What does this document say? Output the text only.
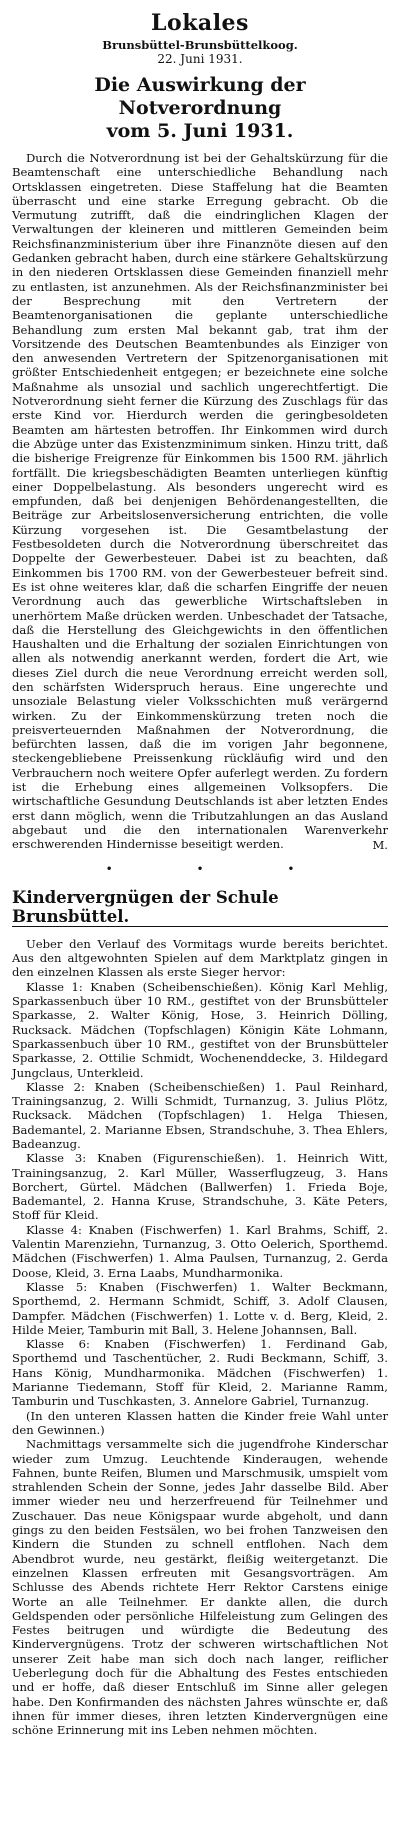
Lokales
Brunsbüttel-Brunsbüttelkoog.
22. Juni 1931.
Die Auswirkung der Notverordnung
vom 5. Juni 1931.

Durch die Notverordnung ist bei der Gehaltskürzung für die Beamtenschaft eine unterschiedliche Behandlung nach Ortsklassen eingetreten. Diese Staffelung hat die Beamten überrascht und eine starke Erregung gebracht. Ob die Vermutung zutrifft, daß die eindringlichen Klagen der Verwaltungen der kleineren und mittleren Gemeinden beim Reichsfinanzministerium über ihre Finanznöte diesen auf den Gedanken gebracht haben, durch eine stärkere Gehaltskürzung in den niederen Ortsklassen diese Gemeinden finanziell mehr zu entlasten, ist anzunehmen. Als der Reichsfinanzminister bei der Besprechung mit den Vertretern der Beamtenorganisationen die geplante unterschiedliche Behandlung zum ersten Mal bekannt gab, trat ihm der Vorsitzende des Deutschen Beamtenbundes als Einziger von den anwesenden Vertretern der Spitzenorganisationen mit größter Entschiedenheit entgegen; er bezeichnete eine solche Maßnahme als unsozial und sachlich ungerechtfertigt. Die Notverordnung sieht ferner die Kürzung des Zuschlags für das erste Kind vor. Hierdurch werden die geringbesoldeten Beamten am härtesten betroffen. Ihr Einkommen wird durch die Abzüge unter das Existenzminimum sinken. Hinzu tritt, daß die bisherige Freigrenze für Einkommen bis 1500 RM. jährlich fortfällt. Die kriegsbeschädigten Beamten unterliegen künftig einer Doppelbelastung. Als besonders ungerecht wird es empfunden, daß bei denjenigen Behördenangestellten, die Beiträge zur Arbeitslosenversicherung entrichten, die volle Kürzung vorgesehen ist. Die Gesamtbelastung der Festbesoldeten durch die Notverordnung überschreitet das Doppelte der Gewerbesteuer. Dabei ist zu beachten, daß Einkommen bis 1700 RM. von der Gewerbesteuer befreit sind. Es ist ohne weiteres klar, daß die scharfen Eingriffe der neuen Verordnung auch das gewerbliche Wirtschaftsleben in unerhörtem Maße drücken werden. Unbeschadet der Tatsache, daß die Herstellung des Gleichgewichts in den öffentlichen Haushalten und die Erhaltung der sozialen Einrichtungen von allen als notwendig anerkannt werden, fordert die Art, wie dieses Ziel durch die neue Verordnung erreicht werden soll, den schärfsten Widerspruch heraus. Eine ungerechte und unsoziale Belastung vieler Volksschichten muß verärgernd wirken. Zu der Einkommenskürzung treten noch die preisverteuernden Maßnahmen der Notverordnung, die befürchten lassen, daß die im vorigen Jahr begonnene, steckengebliebene Preissenkung rückläufig wird und den Verbrauchern noch weitere Opfer auferlegt werden. Zu fordern ist die Erhebung eines allgemeinen Volksopfers. Die wirtschaftliche Gesundung Deutschlands ist aber letzten Endes erst dann möglich, wenn die Tributzahlungen an das Ausland abgebaut und die den internationalen Warenverkehr erschwerenden Hindernisse beseitigt werden.	M.
• • •
Kindervergnügen der Schule Brunsbüttel.

Ueber den Verlauf des Vormitags wurde bereits berichtet. Aus den altgewohnten Spielen auf dem Marktplatz gingen in den einzelnen Klassen als erste Sieger hervor:

Klasse 1: Knaben (Scheibenschießen). König Karl Mehlig, Sparkassenbuch über 10 RM., gestiftet von der Brunsbütteler Sparkasse, 2. Walter König, Hose, 3. Heinrich Dölling, Rucksack. Mädchen (Topfschlagen) Königin Käte Lohmann, Sparkassenbuch über 10 RM., gestiftet von der Brunsbütteler Sparkasse, 2. Ottilie Schmidt, Wochenenddecke, 3. Hildegard Jungclaus, Unterkleid.

Klasse 2: Knaben (Scheibenschießen) 1. Paul Reinhard, Trainingsanzug, 2. Willi Schmidt, Turnanzug, 3. Julius Plötz, Rucksack. Mädchen (Topfschlagen) 1. Helga Thiesen, Bademantel, 2. Marianne Ebsen, Strandschuhe, 3. Thea Ehlers, Badeanzug.

Klasse 3: Knaben (Figurenschießen). 1. Heinrich Witt, Trainingsanzug, 2. Karl Müller, Wasserflugzeug, 3. Hans Borchert, Gürtel. Mädchen (Ballwerfen) 1. Frieda Boje, Bademantel, 2. Hanna Kruse, Strandschuhe, 3. Käte Peters, Stoff für Kleid.

Klasse 4: Knaben (Fischwerfen) 1. Karl Brahms, Schiff, 2. Valentin Marenziehn, Turnanzug, 3. Otto Oelerich, Sporthemd. Mädchen (Fischwerfen) 1. Alma Paulsen, Turnanzug, 2. Gerda Doose, Kleid, 3. Erna Laabs, Mundharmonika.

Klasse 5: Knaben (Fischwerfen) 1. Walter Beckmann, Sporthemd, 2. Hermann Schmidt, Schiff, 3. Adolf Clausen, Dampfer. Mädchen (Fischwerfen) 1. Lotte v. d. Berg, Kleid, 2. Hilde Meier, Tamburin mit Ball, 3. Helene Johannsen, Ball.

Klasse 6: Knaben (Fischwerfen) 1. Ferdinand Gab, Sporthemd und Taschentücher, 2. Rudi Beckmann, Schiff, 3. Hans König, Mundharmonika. Mädchen (Fischwerfen) 1. Marianne Tiedemann, Stoff für Kleid, 2. Marianne Ramm, Tamburin und Tuschkasten, 3. Annelore Gabriel, Turnanzug.

(In den unteren Klassen hatten die Kinder freie Wahl unter den Gewinnen.)

Nachmittags versammelte sich die jugendfrohe Kinderschar wieder zum Umzug. Leuchtende Kinderaugen, wehende Fahnen, bunte Reifen, Blumen und Marschmusik, umspielt vom strahlenden Schein der Sonne, jedes Jahr dasselbe Bild. Aber immer wieder neu und herzerfreuend für Teilnehmer und Zuschauer. Das neue Königspaar wurde abgeholt, und dann gings zu den beiden Festsälen, wo bei frohen Tanzweisen den Kindern die Stunden zu schnell entflohen. Nach dem Abendbrot wurde, neu gestärkt, fleißig weitergetanzt. Die einzelnen Klassen erfreuten mit Gesangsvorträgen. Am Schlusse des Abends richtete Herr Rektor Carstens einige Worte an alle Teilnehmer. Er dankte allen, die durch Geldspenden oder persönliche Hilfeleistung zum Gelingen des Festes beitrugen und würdigte die Bedeutung des Kindervergnügens. Trotz der schweren wirtschaftlichen Not unserer Zeit habe man sich doch nach langer, reiflicher Ueberlegung doch für die Abhaltung des Festes entschieden und er hoffe, daß dieser Entschluß im Sinne aller gelegen habe. Den Konfirmanden des nächsten Jahres wünschte er, daß ihnen für immer dieses, ihren letzten Kindervergnügen eine schöne Erinnerung mit ins Leben nehmen möchten.
